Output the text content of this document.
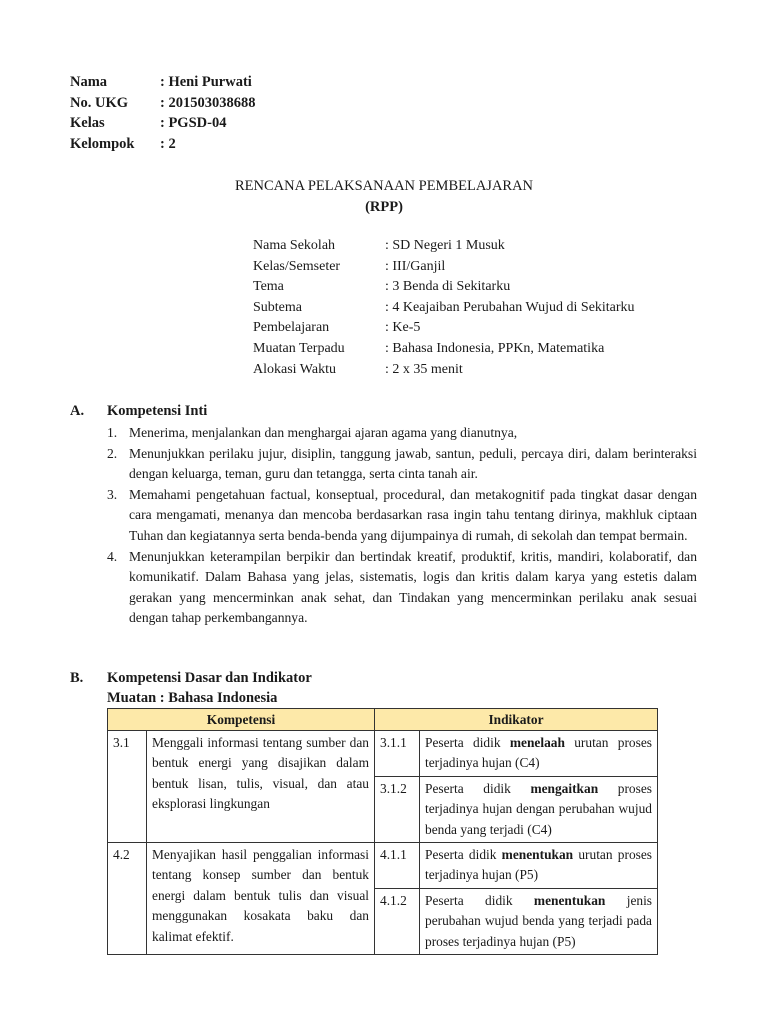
Nama	: Heni Purwati
No. UKG	: 201503038688
Kelas	: PGSD-04
Kelompok	: 2
RENCANA PELAKSANAAN PEMBELAJARAN
(RPP)
Nama Sekolah	: SD Negeri 1 Musuk
Kelas/Semseter	: III/Ganjil
Tema	: 3 Benda di Sekitarku
Subtema	: 4 Keajaiban Perubahan Wujud di Sekitarku
Pembelajaran	: Ke-5
Muatan Terpadu	: Bahasa Indonesia, PPKn, Matematika
Alokasi Waktu	: 2 x 35 menit
A.	Kompetensi Inti
1. Menerima, menjalankan dan menghargai ajaran agama yang dianutnya,
2. Menunjukkan perilaku jujur, disiplin, tanggung jawab, santun, peduli, percaya diri, dalam berinteraksi dengan keluarga, teman, guru dan tetangga, serta cinta tanah air.
3. Memahami pengetahuan factual, konseptual, procedural, dan metakognitif pada tingkat dasar dengan cara mengamati, menanya dan mencoba berdasarkan rasa ingin tahu tentang dirinya, makhluk ciptaan Tuhan dan kegiatannya serta benda-benda yang dijumpainya di rumah, di sekolah dan tempat bermain.
4. Menunjukkan keterampilan berpikir dan bertindak kreatif, produktif, kritis, mandiri, kolaboratif, dan komunikatif. Dalam Bahasa yang jelas, sistematis, logis dan kritis dalam karya yang estetis dalam gerakan yang mencerminkan anak sehat, dan Tindakan yang mencerminkan perilaku anak sesuai dengan tahap perkembangannya.
B.	Kompetensi Dasar dan Indikator
Muatan : Bahasa Indonesia
Kompetensi		Indikator	
3.1	Menggali informasi tentang sumber dan bentuk energi yang disajikan dalam bentuk lisan, tulis, visual, dan atau eksplorasi lingkungan	3.1.1	Peserta didik menelaah urutan proses terjadinya hujan (C4)
		3.1.2	Peserta didik mengaitkan proses terjadinya hujan dengan perubahan wujud benda yang terjadi (C4)
4.2	Menyajikan hasil penggalian informasi tentang konsep sumber dan bentuk energi dalam bentuk tulis dan visual menggunakan kosakata baku dan kalimat efektif.	4.1.1	Peserta didik menentukan urutan proses terjadinya hujan (P5)
		4.1.2	Peserta didik menentukan jenis perubahan wujud benda yang terjadi pada proses terjadinya hujan (P5)
